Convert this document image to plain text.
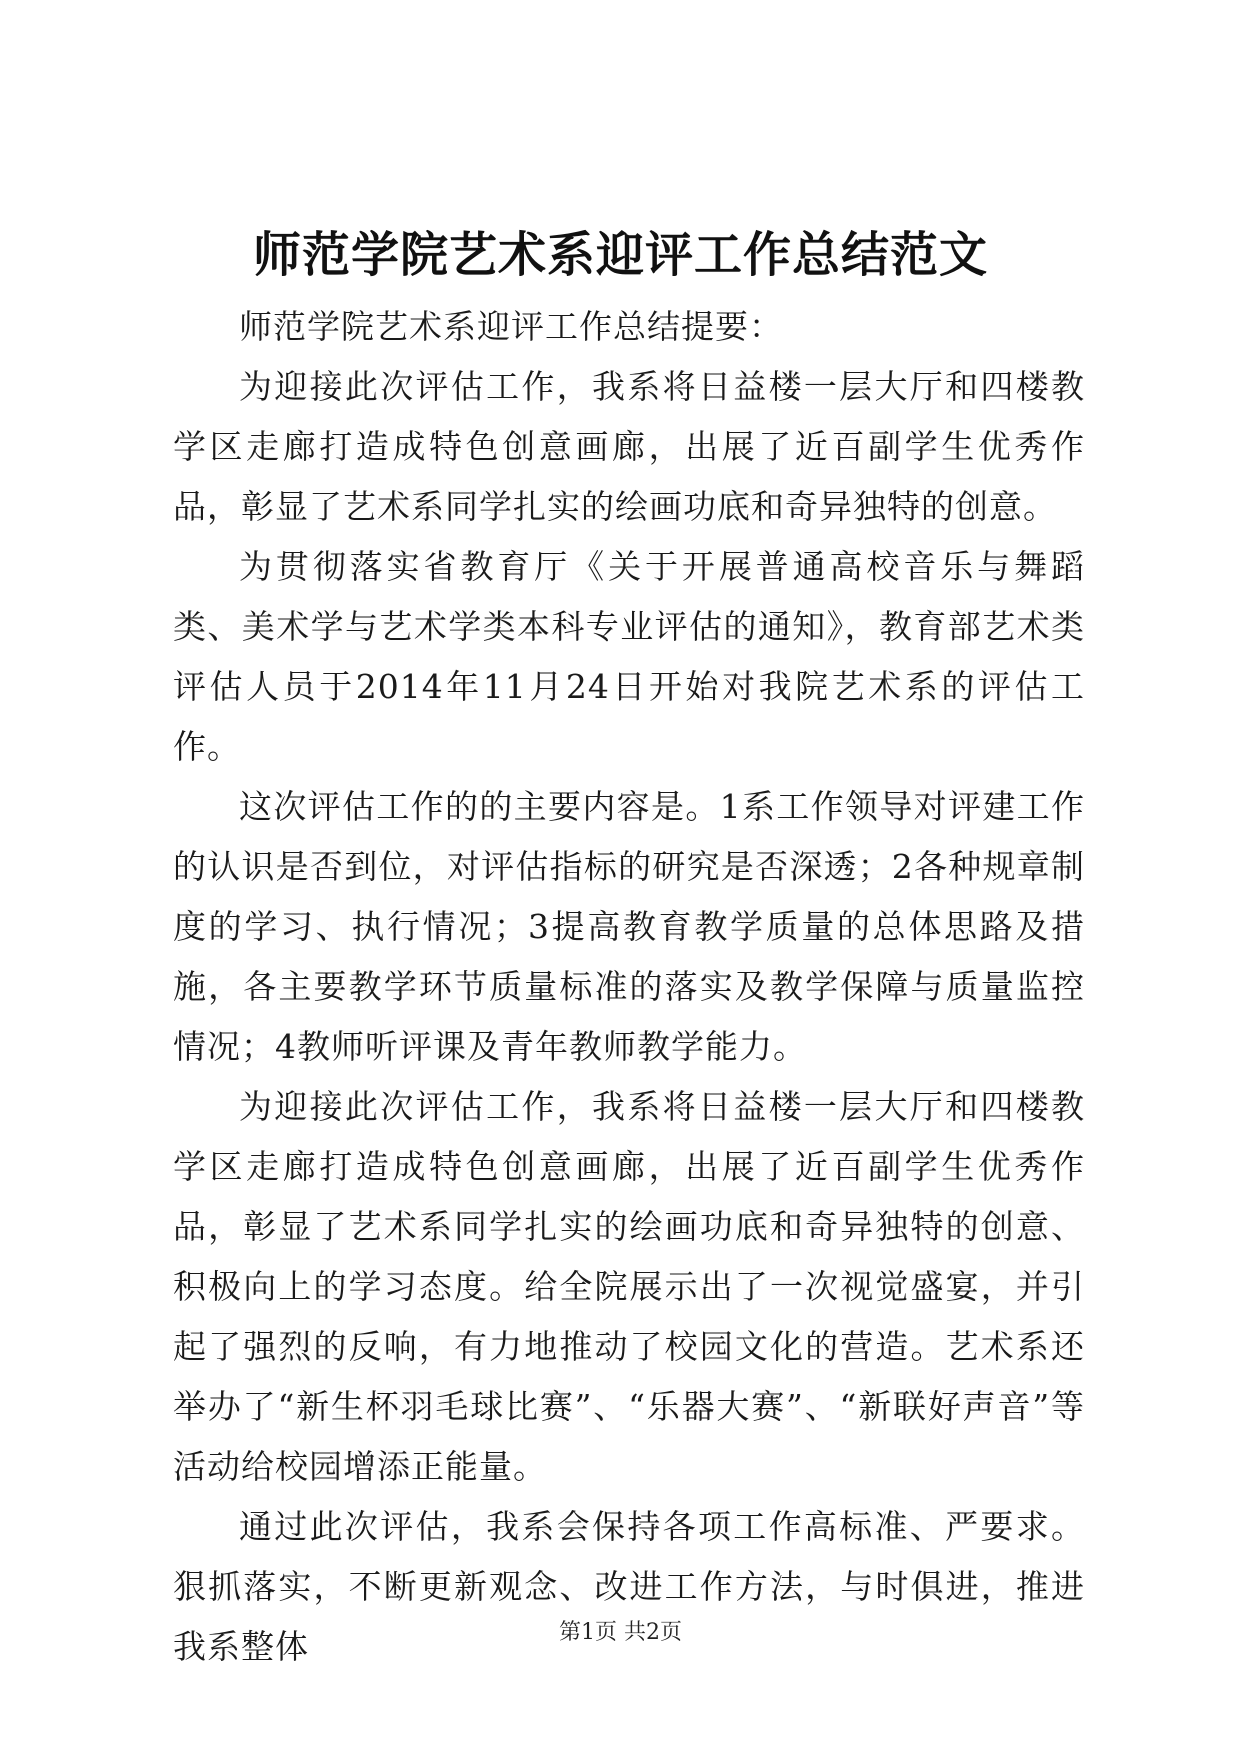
师范学院艺术系迎评工作总结范文

师范学院艺术系迎评工作总结提要：

为迎接此次评估工作，我系将日益楼一层大厅和四楼教学区走廊打造成特色创意画廊，出展了近百副学生优秀作品，彰显了艺术系同学扎实的绘画功底和奇异独特的创意。

为贯彻落实省教育厅《关于开展普通高校音乐与舞蹈类、美术学与艺术学类本科专业评估的通知》，教育部艺术类评估人员于2014年11月24日开始对我院艺术系的评估工作。

这次评估工作的的主要内容是。1系工作领导对评建工作的认识是否到位，对评估指标的研究是否深透；2各种规章制度的学习、执行情况；3提高教育教学质量的总体思路及措施，各主要教学环节质量标准的落实及教学保障与质量监控情况；4教师听评课及青年教师教学能力。

为迎接此次评估工作，我系将日益楼一层大厅和四楼教学区走廊打造成特色创意画廊，出展了近百副学生优秀作品，彰显了艺术系同学扎实的绘画功底和奇异独特的创意、积极向上的学习态度。给全院展示出了一次视觉盛宴，并引起了强烈的反响，有力地推动了校园文化的营造。艺术系还举办了“新生杯羽毛球比赛”、“乐器大赛”、“新联好声音”等活动给校园增添正能量。

通过此次评估，我系会保持各项工作高标准、严要求。狠抓落实，不断更新观念、改进工作方法，与时俱进，推进我系整体	第1页 共2页
